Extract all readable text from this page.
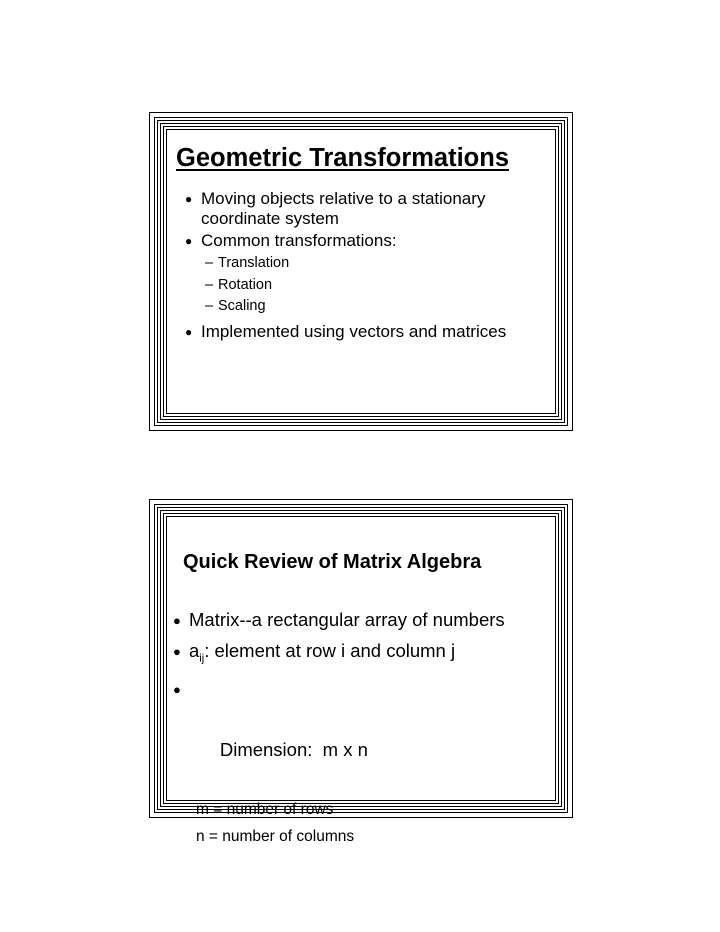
Geometric Transformations
● Moving objects relative to a stationary coordinate system
● Common transformations:
– Translation
– Rotation
– Scaling
● Implemented using vectors and matrices
Quick Review of Matrix Algebra
● Matrix--a rectangular array of numbers
● $a_{ij}$: element at row i and column j

●

Dimension:  m x n

m = number of rows
n = number of columns
